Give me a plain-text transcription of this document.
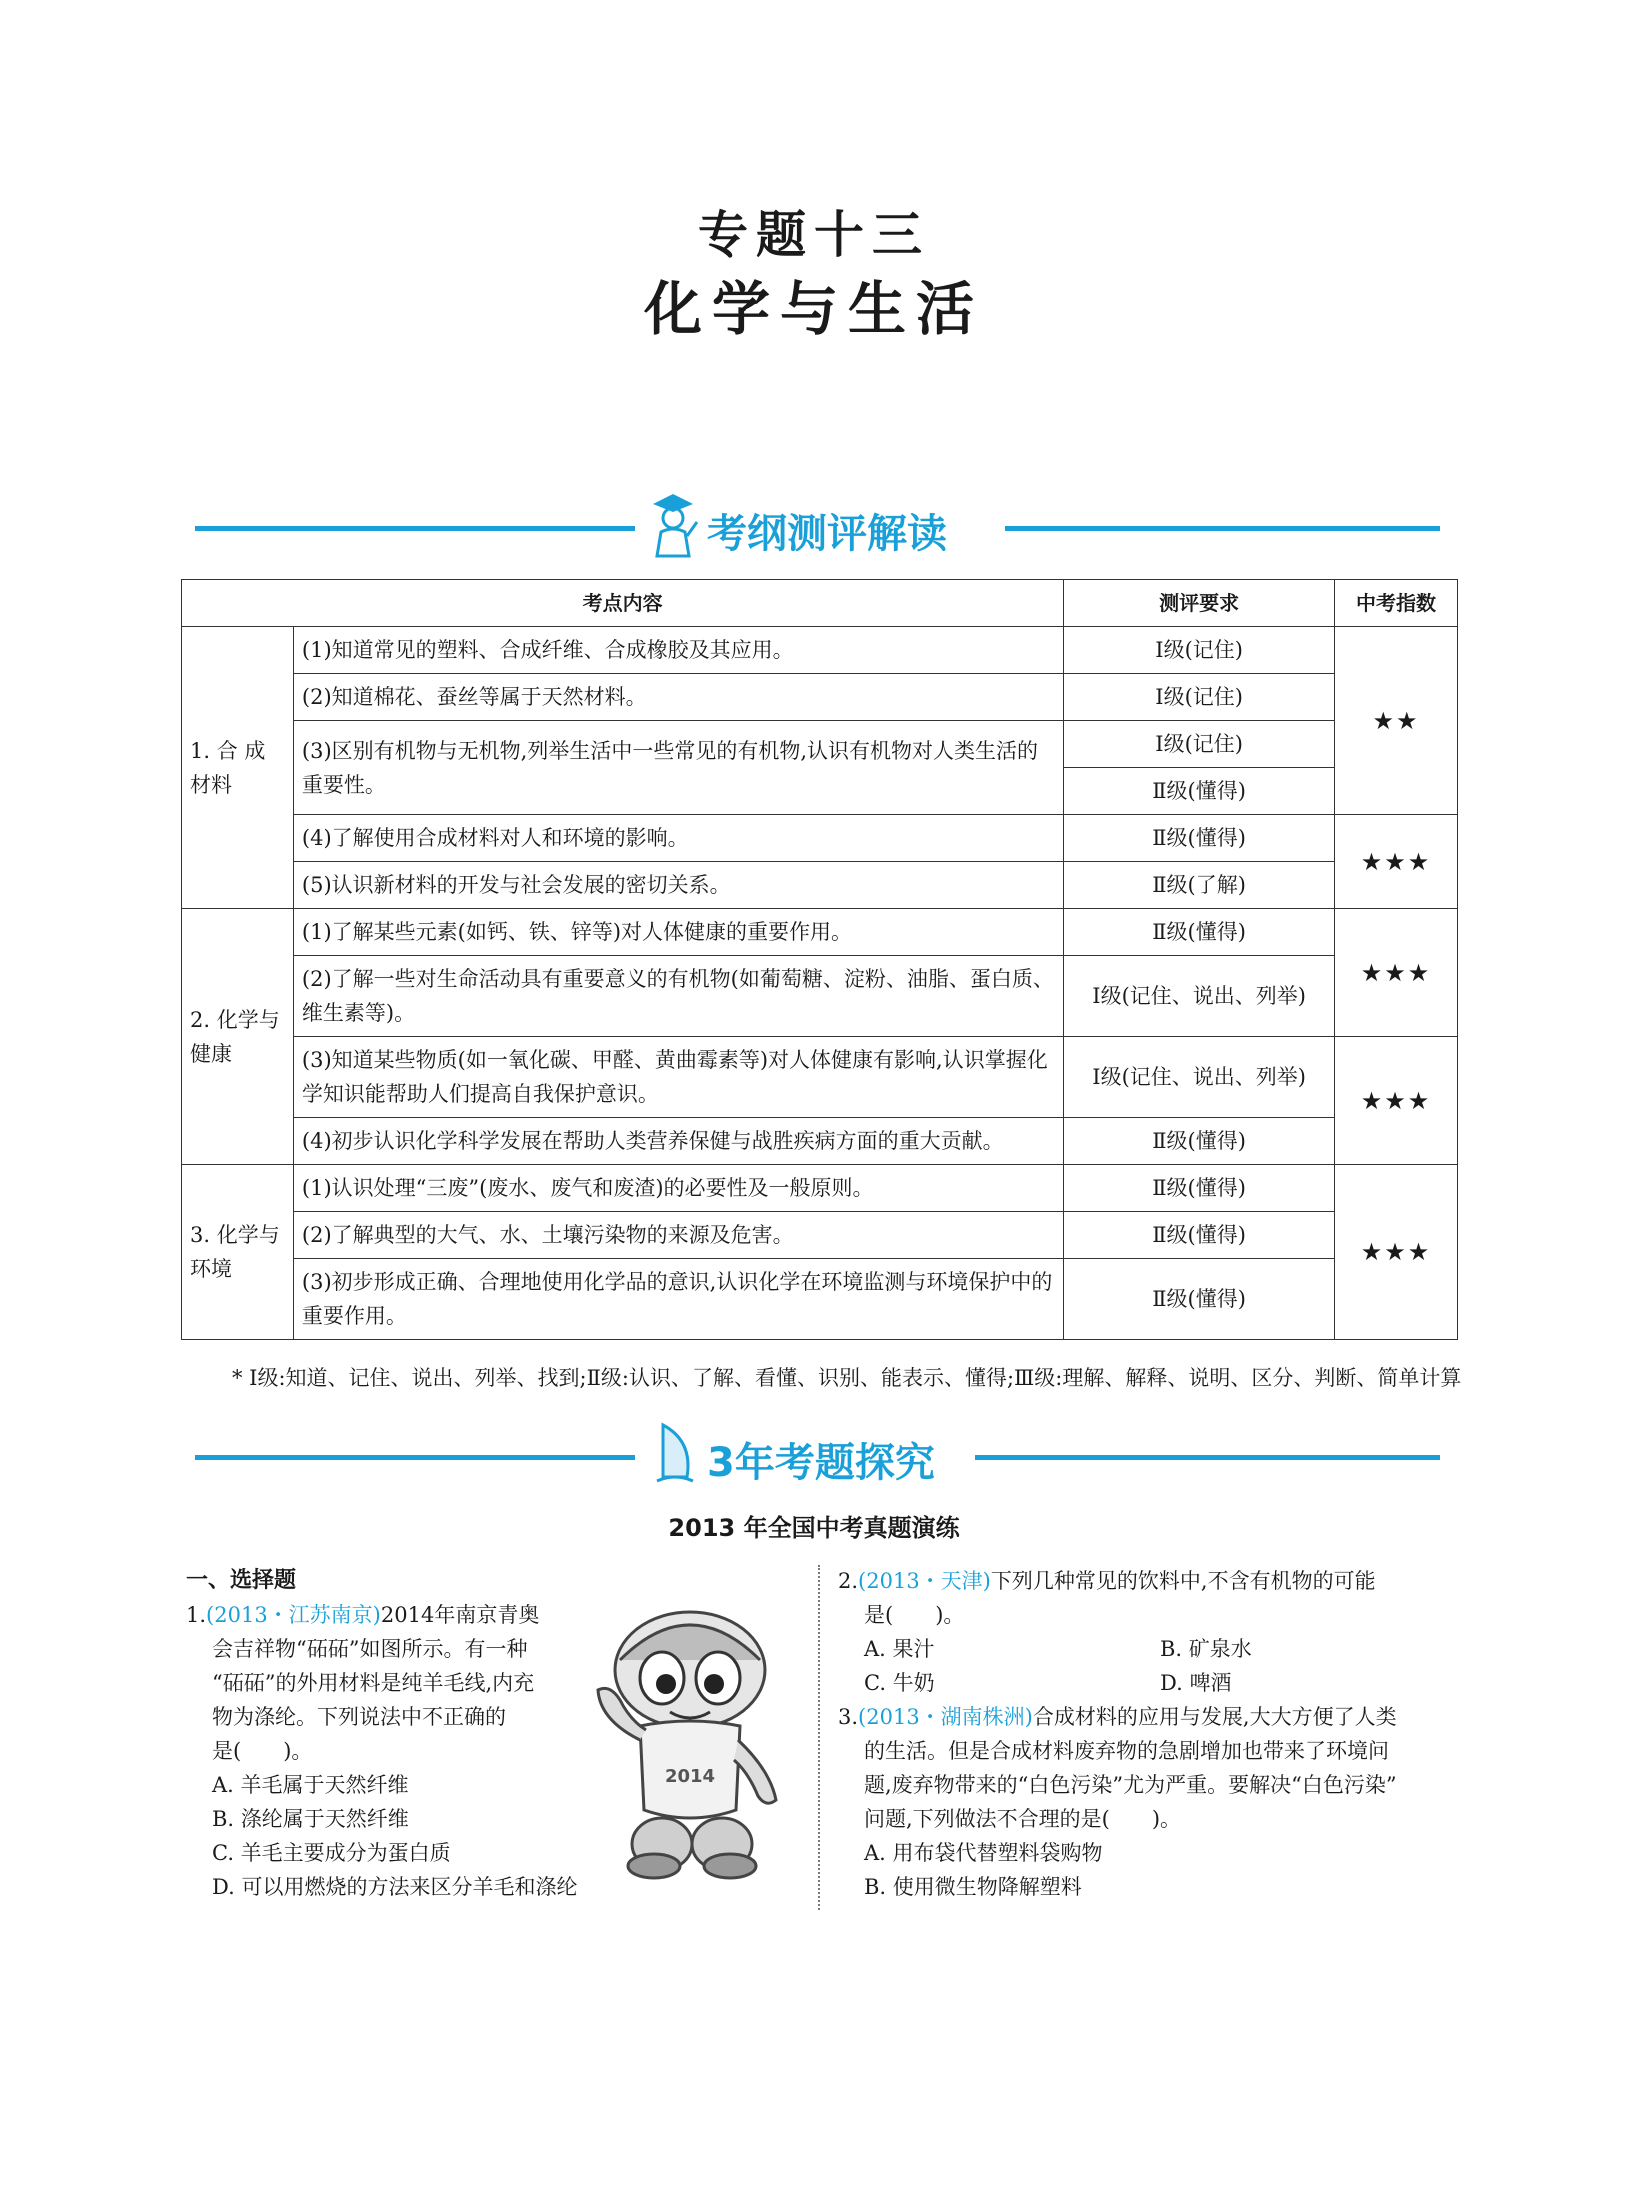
专题十三
化学与生活
考纲测评解读
考点内容		测评要求	中考指数
1. 合 成材料	(1)知道常见的塑料、合成纤维、合成橡胶及其应用。	Ⅰ级(记住)	★★
	(2)知道棉花、蚕丝等属于天然材料。	Ⅰ级(记住)	
	(3)区别有机物与无机物,列举生活中一些常见的有机物,认识有机物对人类生活的重要性。	Ⅰ级(记住)	
		Ⅱ级(懂得)	
	(4)了解使用合成材料对人和环境的影响。	Ⅱ级(懂得)	★★★
	(5)认识新材料的开发与社会发展的密切关系。	Ⅱ级(了解)	
2. 化学与健康	(1)了解某些元素(如钙、铁、锌等)对人体健康的重要作用。	Ⅱ级(懂得)	★★★
	(2)了解一些对生命活动具有重要意义的有机物(如葡萄糖、淀粉、油脂、蛋白质、维生素等)。	Ⅰ级(记住、说出、列举)	
	(3)知道某些物质(如一氧化碳、甲醛、黄曲霉素等)对人体健康有影响,认识掌握化学知识能帮助人们提高自我保护意识。	Ⅰ级(记住、说出、列举)	★★★
	(4)初步认识化学科学发展在帮助人类营养保健与战胜疾病方面的重大贡献。	Ⅱ级(懂得)	
3. 化学与环境	(1)认识处理“三废”(废水、废气和废渣)的必要性及一般原则。	Ⅱ级(懂得)	★★★
	(2)了解典型的大气、水、土壤污染物的来源及危害。	Ⅱ级(懂得)	
	(3)初步形成正确、合理地使用化学品的意识,认识化学在环境监测与环境保护中的重要作用。	Ⅱ级(懂得)	
* Ⅰ级:知道、记住、说出、列举、找到;Ⅱ级:认识、了解、看懂、识别、能表示、懂得;Ⅲ级:理解、解释、说明、区分、判断、简单计算
3年考题探究
2013 年全国中考真题演练
一、选择题
1.(2013・江苏南京)2014年南京青奥
会吉祥物“砳砳”如图所示。有一种
“砳砳”的外用材料是纯羊毛线,内充
物为涤纶。下列说法中不正确的
是(　　)。
A. 羊毛属于天然纤维
B. 涤纶属于天然纤维
C. 羊毛主要成分为蛋白质
D. 可以用燃烧的方法来区分羊毛和涤纶
2014
2.(2013・天津)下列几种常见的饮料中,不含有机物的可能
是(　　)。
A. 果汁	B. 矿泉水
C. 牛奶	D. 啤酒
3.(2013・湖南株洲)合成材料的应用与发展,大大方便了人类
的生活。但是合成材料废弃物的急剧增加也带来了环境问
题,废弃物带来的“白色污染”尤为严重。要解决“白色污染”
问题,下列做法不合理的是(　　)。
A. 用布袋代替塑料袋购物
B. 使用微生物降解塑料
